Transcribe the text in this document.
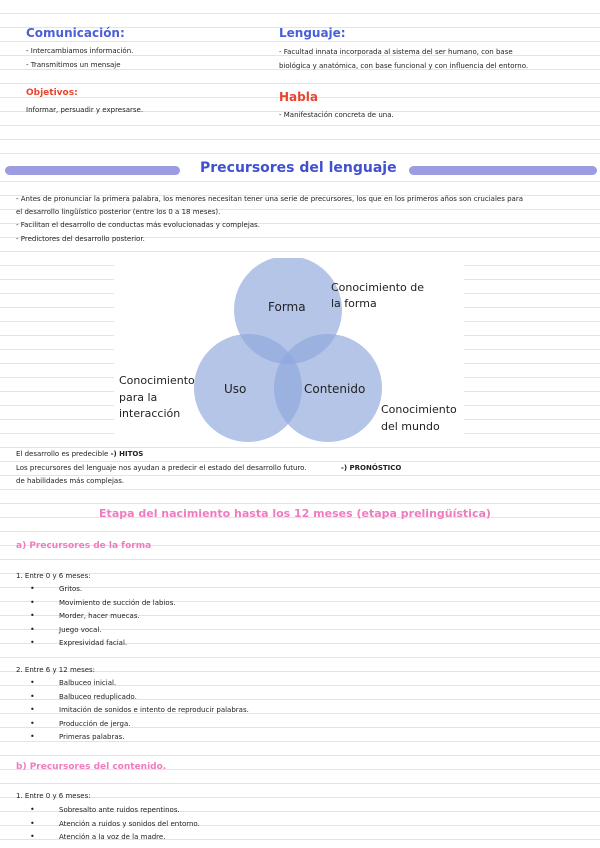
Comunicación:
- Intercambiamos información.
- Transmitimos un mensaje
Lenguaje:
- Facultad innata incorporada al sistema del ser humano, con base
biológica y anatómica, con base funcional y con influencia del entorno.
Objetivos:
Informar, persuadir y expresarse.
Habla
- Manifestación concreta de una.
Precursores del lenguaje
- Antes de pronunciar la primera palabra, los menores necesitan tener una serie de precursores, los que en los primeros años son cruciales para
el desarrollo lingüístico posterior (entre los 0 a 18 meses).
- Facilitan el desarrollo de conductas más evolucionadas y complejas.
- Predictores del desarrollo posterior.
Forma
Uso	Contenido
Conocimiento de
la forma
Conocimiento
para la
interacción	Conocimiento
del mundo
El desarrollo es predecible -) HITOS
Los precursores del lenguaje nos ayudan a predecir el estado del desarrollo futuro.	-) PRONÓSTICO
de habilidades más complejas.
Etapa del nacimiento hasta los 12 meses (etapa prelingüística)
a) Precursores de la forma
1. Entre 0 y 6 meses:
•	Gritos.
•	Movimiento de succión de labios.
•	Morder, hacer muecas.
•	Juego vocal.
•	Expresividad facial.
2. Entre 6 y 12 meses:
•	Balbuceo inicial.
•	Balbuceo reduplicado.
•	Imitación de sonidos e intento de reproducir palabras.
•	Producción de jerga.
•	Primeras palabras.
b) Precursores del contenido.
1. Entre 0 y 6 meses:
•	Sobresalto ante ruidos repentinos.
•	Atención a ruidos y sonidos del entorno.
•	Atención a la voz de la madre.
